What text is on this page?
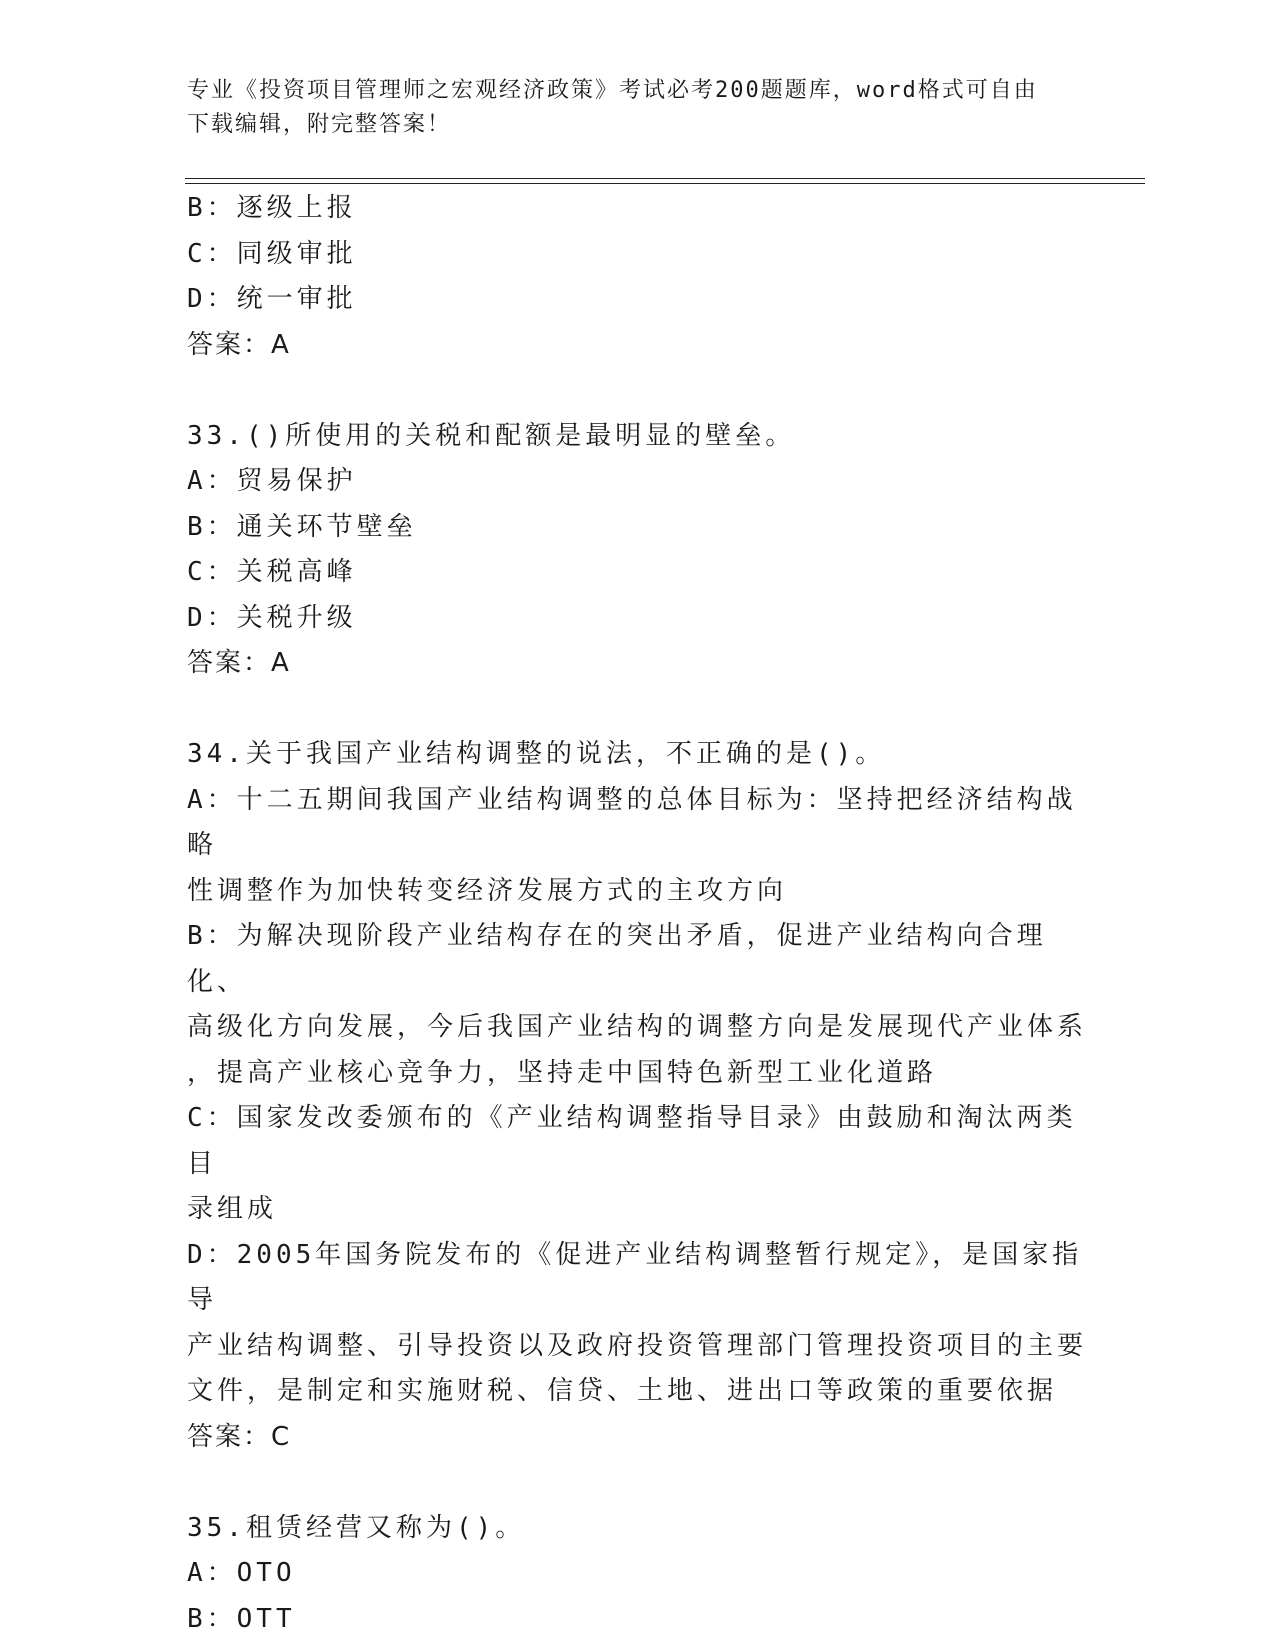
专业《投资项目管理师之宏观经济政策》考试必考200题题库，word格式可自由
下载编辑，附完整答案！

B：逐级上报

C：同级审批

D：统一审批

答案：A

33.()所使用的关税和配额是最明显的壁垒。

A：贸易保护

B：通关环节壁垒

C：关税高峰

D：关税升级

答案：A

34.关于我国产业结构调整的说法，不正确的是()。

A：十二五期间我国产业结构调整的总体目标为：坚持把经济结构战略

性调整作为加快转变经济发展方式的主攻方向

B：为解决现阶段产业结构存在的突出矛盾，促进产业结构向合理化、

高级化方向发展，今后我国产业结构的调整方向是发展现代产业体系

，提高产业核心竞争力，坚持走中国特色新型工业化道路

C：国家发改委颁布的《产业结构调整指导目录》由鼓励和淘汰两类目

录组成

D：2005年国务院发布的《促进产业结构调整暂行规定》，是国家指导

产业结构调整、引导投资以及政府投资管理部门管理投资项目的主要

文件，是制定和实施财税、信贷、土地、进出口等政策的重要依据

答案：C

35.租赁经营又称为()。

A：OTO

B：OTT
